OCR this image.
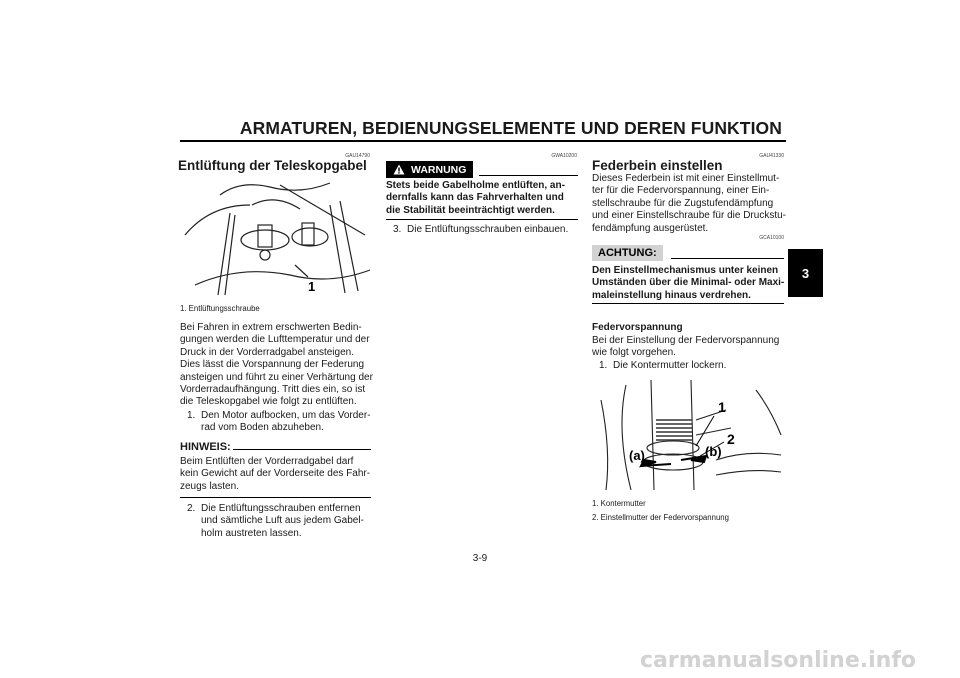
ARMATUREN, BEDIENUNGSELEMENTE UND DEREN FUNKTION
3
GAU14790
Entlüftung der Teleskopgabel
1
1. Entlüftungsschraube
Bei Fahren in extrem erschwerten Bedin-gungen werden die Lufttemperatur und der Druck in der Vorderradgabel ansteigen. Dies lässt die Vorspannung der Federung ansteigen und führt zu einer Verhärtung der Vorderradaufhängung. Tritt dies ein, so ist die Teleskopgabel wie folgt zu entlüften.
1. Den Motor aufbocken, um das Vorder-rad vom Boden abzuheben.
HINWEIS:
Beim Entlüften der Vorderradgabel darf kein Gewicht auf der Vorderseite des Fahr-zeugs lasten.
2. Die Entlüftungsschrauben entfernen und sämtliche Luft aus jedem Gabel-holm austreten lassen.
GWA10200
WARNUNG
Stets beide Gabelholme entlüften, an-dernfalls kann das Fahrverhalten und die Stabilität beeinträchtigt werden.
3. Die Entlüftungsschrauben einbauen.
GAU41330
Federbein einstellen
Dieses Federbein ist mit einer Einstellmut-ter für die Federvorspannung, einer Ein-stellschraube für die Zugstufendämpfung und einer Einstellschraube für die Druckstu-fendämpfung ausgerüstet.
GCA10100
ACHTUNG:
Den Einstellmechanismus unter keinen Umständen über die Minimal- oder Maxi-maleinstellung hinaus verdrehen.
Federvorspannung
Bei der Einstellung der Federvorspannung wie folgt vorgehen.
1. Die Kontermutter lockern.
1
2
(a)	(b)
1. Kontermutter
2. Einstellmutter der Federvorspannung
3-9
carmanualsonline.info
